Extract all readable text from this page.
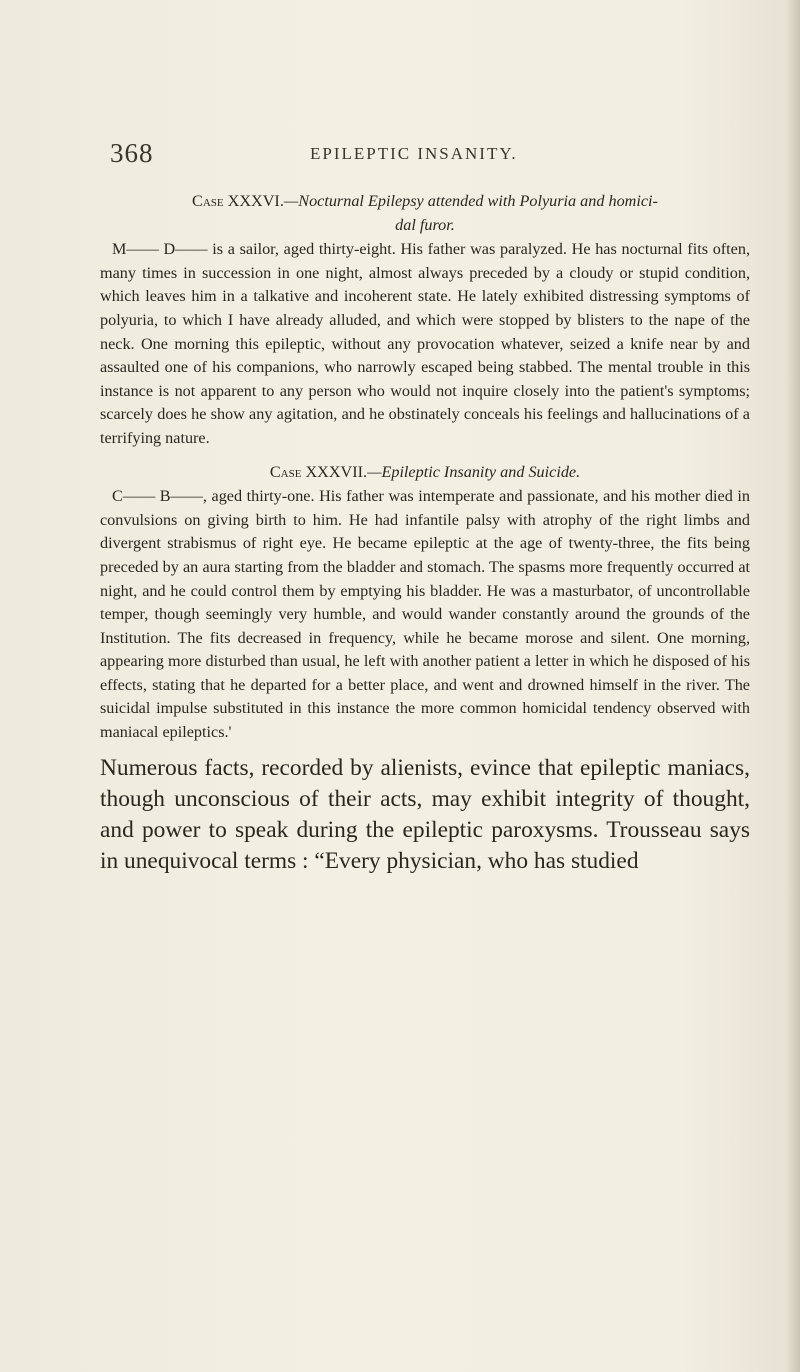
368	EPILEPTIC INSANITY.

Case XXXVI.—Nocturnal Epilepsy attended with Polyuria and homici-
dal furor.

M—— D—— is a sailor, aged thirty-eight. His father was paralyzed. He has nocturnal fits often, many times in succession in one night, almost always preceded by a cloudy or stupid condition, which leaves him in a talkative and incoherent state. He lately exhibited distressing symptoms of polyuria, to which I have already alluded, and which were stopped by blisters to the nape of the neck. One morning this epileptic, without any provocation whatever, seized a knife near by and assaulted one of his companions, who narrowly escaped being stabbed. The mental trouble in this instance is not apparent to any person who would not inquire closely into the patient's symptoms; scarcely does he show any agitation, and he obstinately conceals his feelings and hallucinations of a terrifying nature.

Case XXXVII.—Epileptic Insanity and Suicide.

C—— B——, aged thirty-one. His father was intemperate and passionate, and his mother died in convulsions on giving birth to him. He had infantile palsy with atrophy of the right limbs and divergent strabismus of right eye. He became epileptic at the age of twenty-three, the fits being preceded by an aura starting from the bladder and stomach. The spasms more frequently occurred at night, and he could control them by emptying his bladder. He was a masturbator, of uncontrollable temper, though seemingly very humble, and would wander constantly around the grounds of the Institution. The fits decreased in frequency, while he became morose and silent. One morning, appearing more disturbed than usual, he left with another patient a letter in which he disposed of his effects, stating that he departed for a better place, and went and drowned himself in the river. The suicidal impulse substituted in this instance the more common homicidal tendency observed with maniacal epileptics.'

Numerous facts, recorded by alienists, evince that epileptic maniacs, though unconscious of their acts, may exhibit integrity of thought, and power to speak during the epileptic paroxysms. Trousseau says in unequivocal terms : “Every physician, who has studied
